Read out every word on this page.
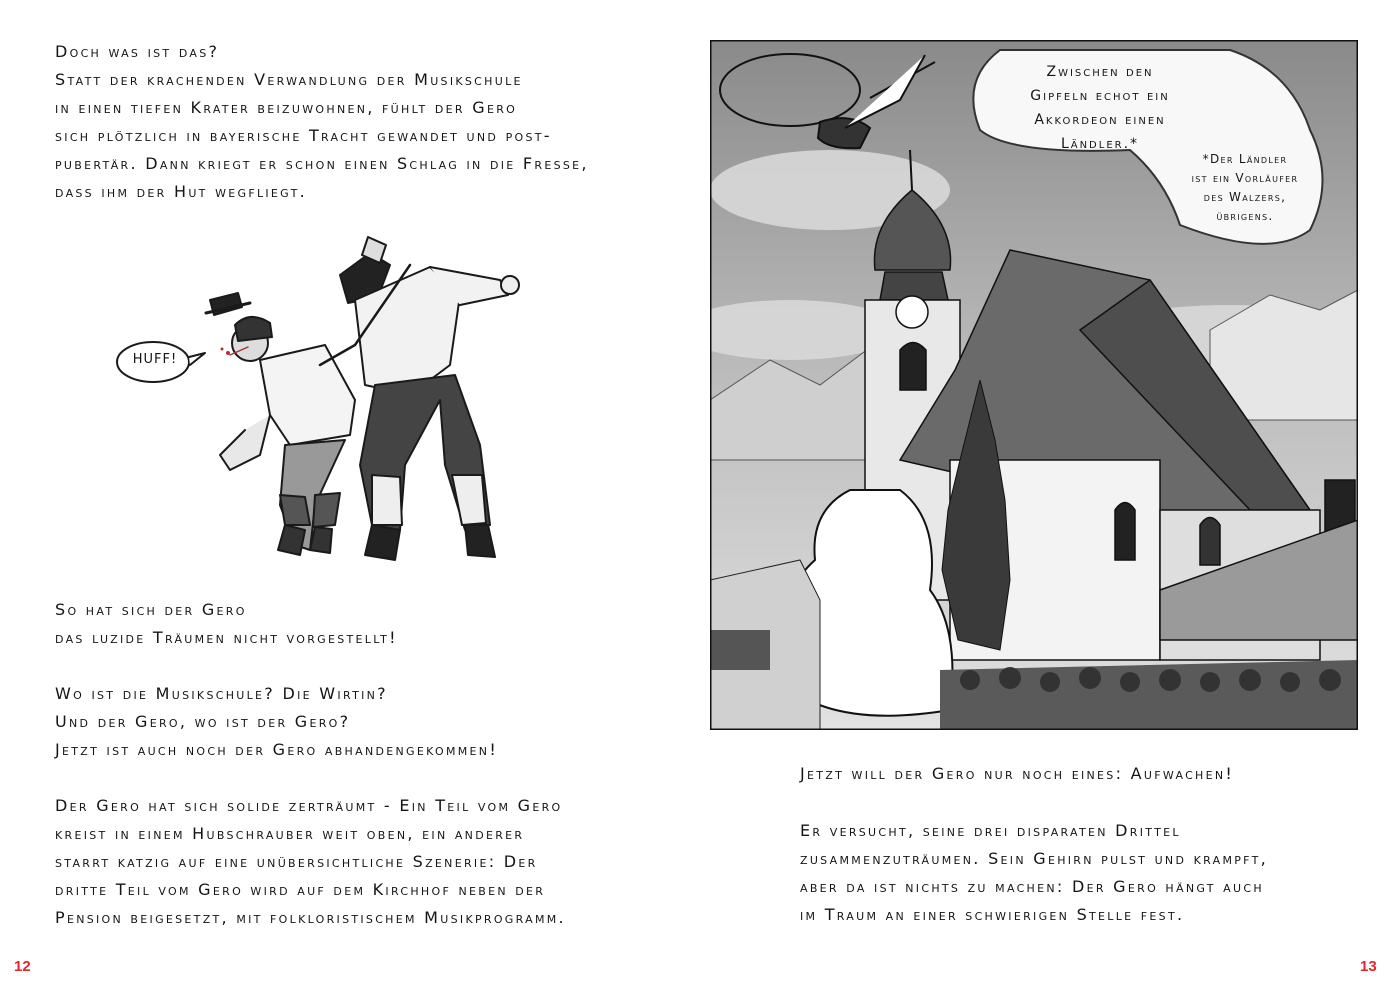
Doch was ist das?
Statt der krachenden Verwandlung der Musikschule
in einen tiefen Krater beizuwohnen, fühlt der Gero
sich plötzlich in bayerische Tracht gewandet und post-
pubertär. Dann kriegt er schon einen Schlag in die Fresse,
dass ihm der Hut wegfliegt.
HUFF!
So hat sich der Gero
das luzide Träumen nicht vorgestellt!
Wo ist die Musikschule? Die Wirtin?
Und der Gero, wo ist der Gero?
Jetzt ist auch noch der Gero abhandengekommen!
Der Gero hat sich solide zerträumt - Ein Teil vom Gero
kreist in einem Hubschrauber weit oben, ein anderer
starrt katzig auf eine unübersichtliche Szenerie: Der
dritte Teil vom Gero wird auf dem Kirchhof neben der
Pension beigesetzt, mit folkloristischem Musikprogramm.
12
Zwischen den
Gipfeln echot ein
Akkordeon einen
Ländler.*
*Der Ländler
ist ein Vorläufer
des Walzers,
übrigens.
Jetzt will der Gero nur noch eines: Aufwachen!
Er versucht, seine drei disparaten Drittel
zusammenzuträumen. Sein Gehirn pulst und krampft,
aber da ist nichts zu machen: Der Gero hängt auch
im Traum an einer schwierigen Stelle fest.
13
